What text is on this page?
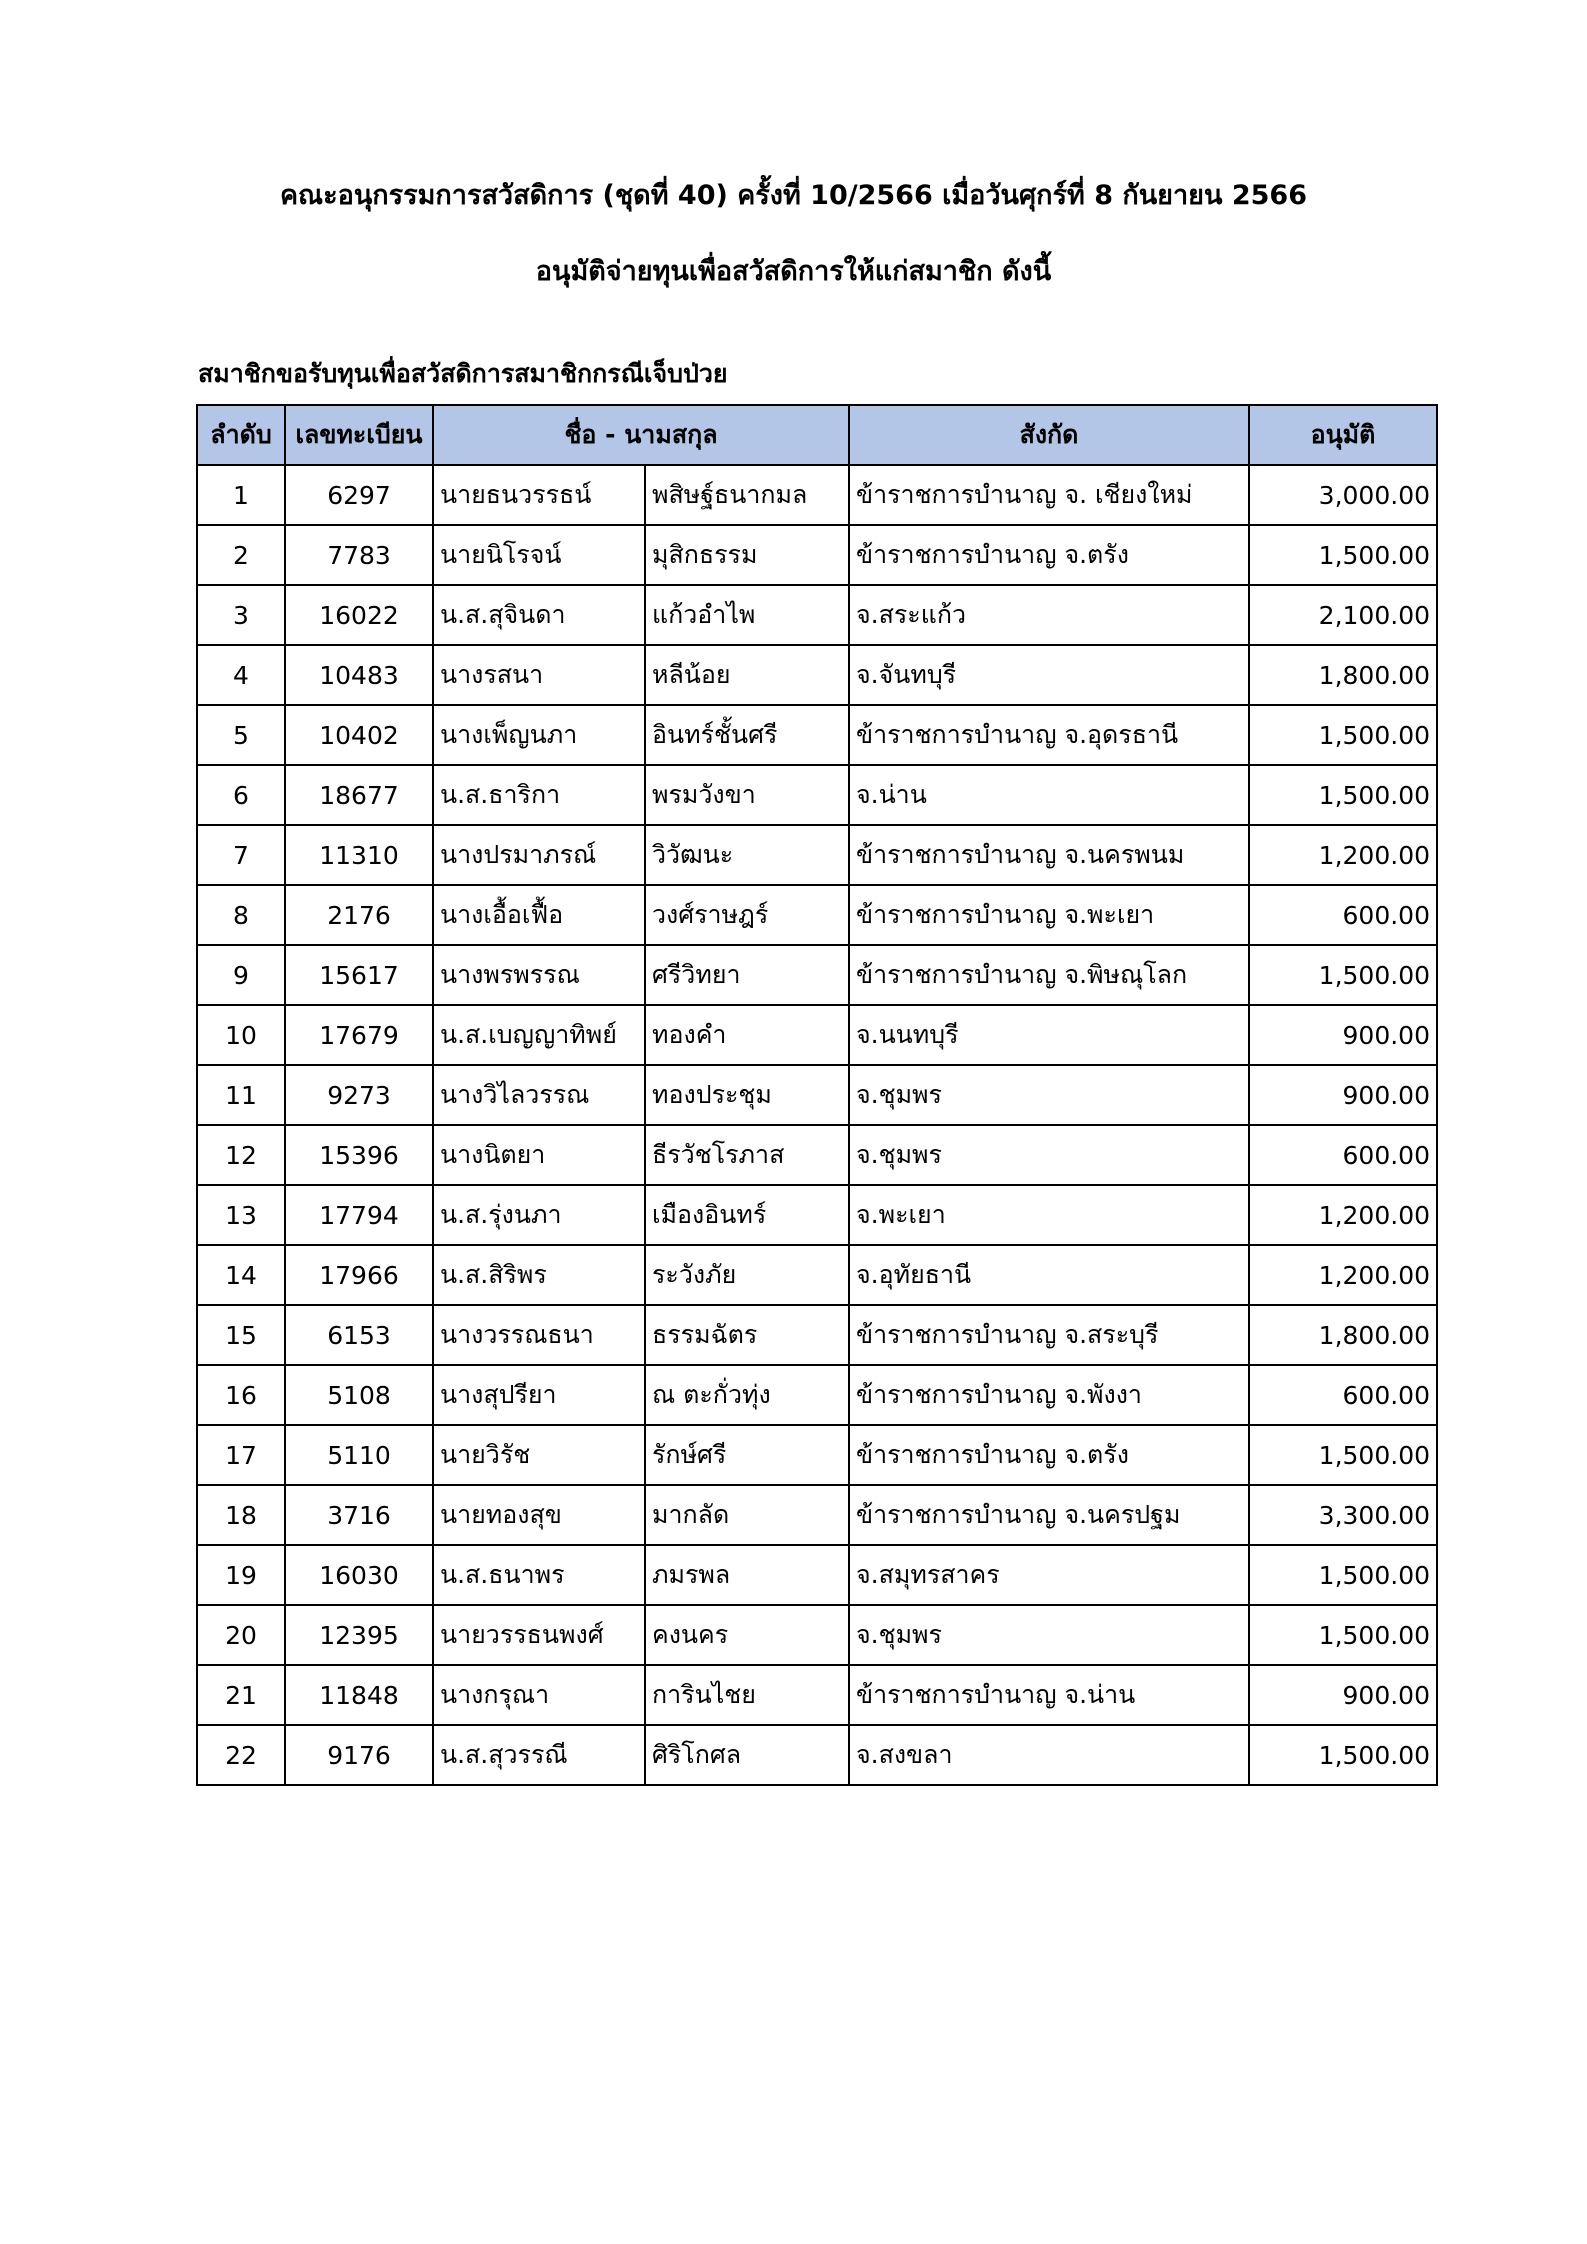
คณะอนุกรรมการสวัสดิการ (ชุดที่ 40) ครั้งที่ 10/2566 เมื่อวันศุกร์ที่ 8 กันยายน 2566
อนุมัติจ่ายทุนเพื่อสวัสดิการให้แก่สมาชิก ดังนี้
สมาชิกขอรับทุนเพื่อสวัสดิการสมาชิกกรณีเจ็บป่วย
ลำดับ	เลขทะเบียน	ชื่อ - นามสกุล		สังกัด	อนุมัติ
1	6297	นายธนวรรธน์	พสิษฐ์ธนากมล	ข้าราชการบำนาญ จ. เชียงใหม่	3,000.00
2	7783	นายนิโรจน์	มุสิกธรรม	ข้าราชการบำนาญ จ.ตรัง	1,500.00
3	16022	น.ส.สุจินดา	แก้วอำไพ	จ.สระแก้ว	2,100.00
4	10483	นางรสนา	หลีน้อย	จ.จันทบุรี	1,800.00
5	10402	นางเพ็ญนภา	อินทร์ชั้นศรี	ข้าราชการบำนาญ จ.อุดรธานี	1,500.00
6	18677	น.ส.ธาริกา	พรมวังขา	จ.น่าน	1,500.00
7	11310	นางปรมาภรณ์	วิวัฒนะ	ข้าราชการบำนาญ จ.นครพนม	1,200.00
8	2176	นางเอื้อเฟื้อ	วงศ์ราษฎร์	ข้าราชการบำนาญ จ.พะเยา	600.00
9	15617	นางพรพรรณ	ศรีวิทยา	ข้าราชการบำนาญ จ.พิษณุโลก	1,500.00
10	17679	น.ส.เบญญาทิพย์	ทองคำ	จ.นนทบุรี	900.00
11	9273	นางวิไลวรรณ	ทองประชุม	จ.ชุมพร	900.00
12	15396	นางนิตยา	ธีรวัชโรภาส	จ.ชุมพร	600.00
13	17794	น.ส.รุ่งนภา	เมืองอินทร์	จ.พะเยา	1,200.00
14	17966	น.ส.สิริพร	ระวังภัย	จ.อุทัยธานี	1,200.00
15	6153	นางวรรณธนา	ธรรมฉัตร	ข้าราชการบำนาญ จ.สระบุรี	1,800.00
16	5108	นางสุปรียา	ณ ตะกั่วทุ่ง	ข้าราชการบำนาญ จ.พังงา	600.00
17	5110	นายวิรัช	รักษ์ศรี	ข้าราชการบำนาญ จ.ตรัง	1,500.00
18	3716	นายทองสุข	มากลัด	ข้าราชการบำนาญ จ.นครปฐม	3,300.00
19	16030	น.ส.ธนาพร	ภมรพล	จ.สมุทรสาคร	1,500.00
20	12395	นายวรรธนพงศ์	คงนคร	จ.ชุมพร	1,500.00
21	11848	นางกรุณา	การินไชย	ข้าราชการบำนาญ จ.น่าน	900.00
22	9176	น.ส.สุวรรณี	ศิริโกศล	จ.สงขลา	1,500.00
